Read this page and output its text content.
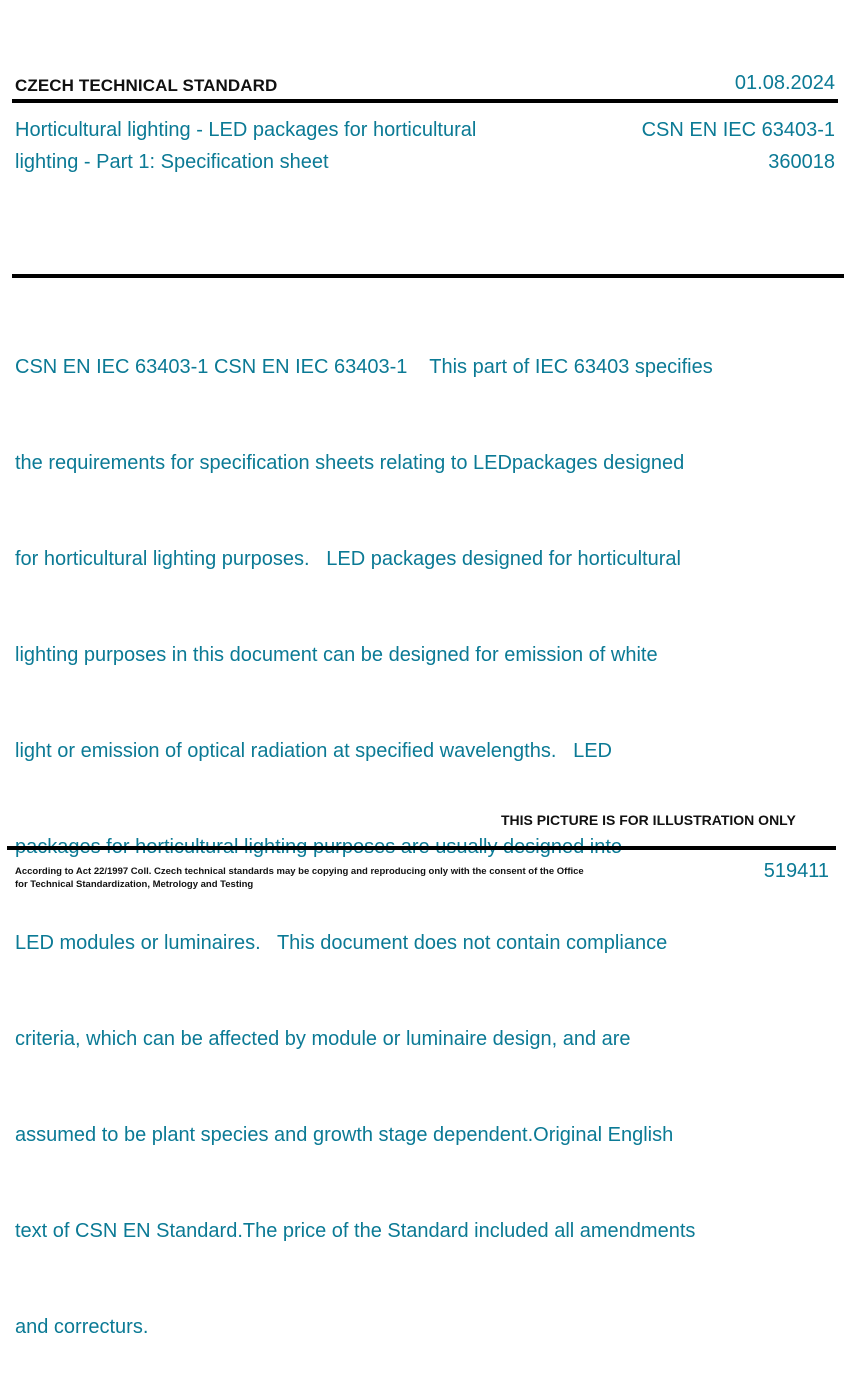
CZECH TECHNICAL STANDARD	01.08.2024
Horticultural lighting - LED packages for horticultural
lighting - Part 1: Specification sheet
CSN EN IEC 63403-1
360018

CSN EN IEC 63403-1 CSN EN IEC 63403-1    This part of IEC 63403 specifies

the requirements for specification sheets relating to LEDpackages designed

for horticultural lighting purposes.   LED packages designed for horticultural

lighting purposes in this document can be designed for emission of white

light or emission of optical radiation at specified wavelengths.   LED

LED modules or luminaires.   This document does not contain compliance

criteria, which can be affected by module or luminaire design, and are

assumed to be plant species and growth stage dependent.Original English

text of CSN EN Standard.The price of the Standard included all amendments

and correcturs.

THIS PICTURE IS FOR ILLUSTRATION ONLY
According to Act 22/1997 Coll. Czech technical standards may be copying and reproducing only with the consent of the Office
for Technical Standardization, Metrology and Testing
519411
